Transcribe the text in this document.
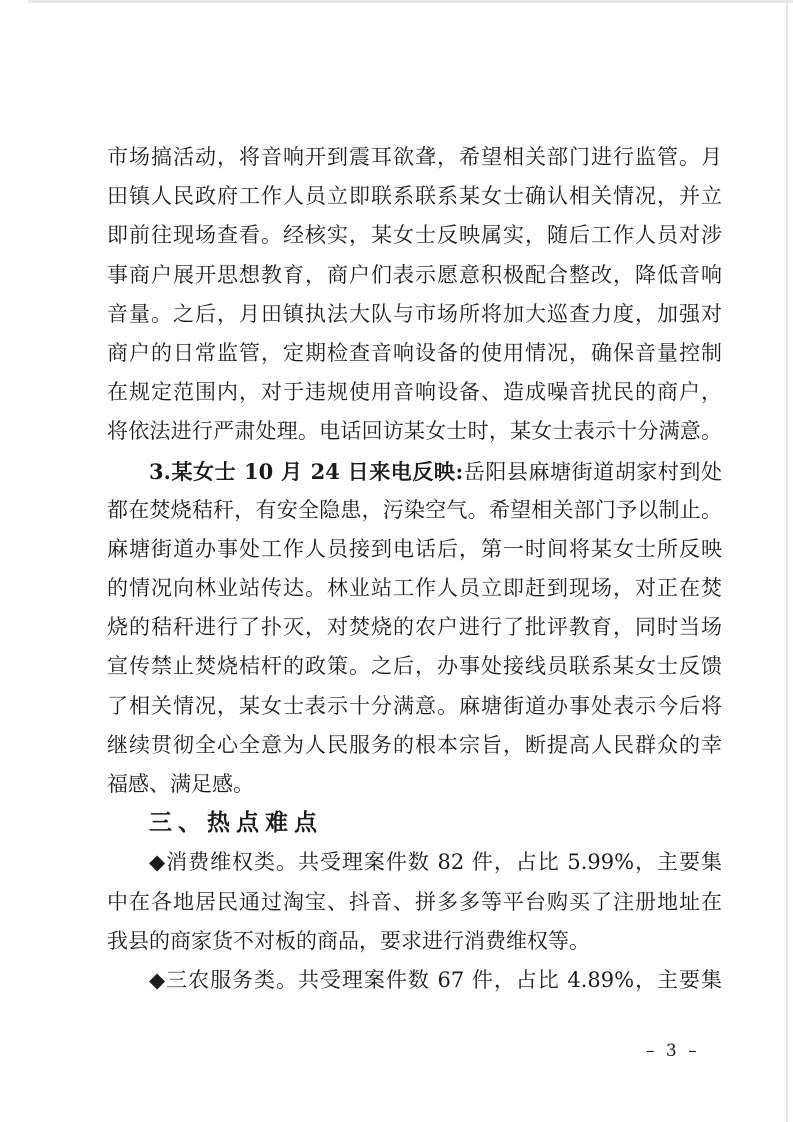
市场搞活动，将音响开到震耳欲聋，希望相关部门进行监管。月
田镇人民政府工作人员立即联系联系某女士确认相关情况，并立
即前往现场查看。经核实，某女士反映属实，随后工作人员对涉
事商户展开思想教育，商户们表示愿意积极配合整改，降低音响
音量。之后，月田镇执法大队与市场所将加大巡查力度，加强对
商户的日常监管，定期检查音响设备的使用情况，确保音量控制
在规定范围内，对于违规使用音响设备、造成噪音扰民的商户，
将依法进行严肃处理。电话回访某女士时，某女士表示十分满意。
3.某女士 10 月 24 日来电反映:岳阳县麻塘街道胡家村到处
都在焚烧秸秆，有安全隐患，污染空气。希望相关部门予以制止。
麻塘街道办事处工作人员接到电话后，第一时间将某女士所反映
的情况向林业站传达。林业站工作人员立即赶到现场，对正在焚
烧的秸秆进行了扑灭，对焚烧的农户进行了批评教育，同时当场
宣传禁止焚烧桔杆的政策。之后，办事处接线员联系某女士反馈
了相关情况，某女士表示十分满意。麻塘街道办事处表示今后将
继续贯彻全心全意为人民服务的根本宗旨，断提高人民群众的幸
福感、满足感。
三、热点难点
◆消费维权类。共受理案件数 82 件，占比 5.99%，主要集
中在各地居民通过淘宝、抖音、拼多多等平台购买了注册地址在
我县的商家货不对板的商品，要求进行消费维权等。
◆三农服务类。共受理案件数 67 件，占比 4.89%，主要集
– 3 –
